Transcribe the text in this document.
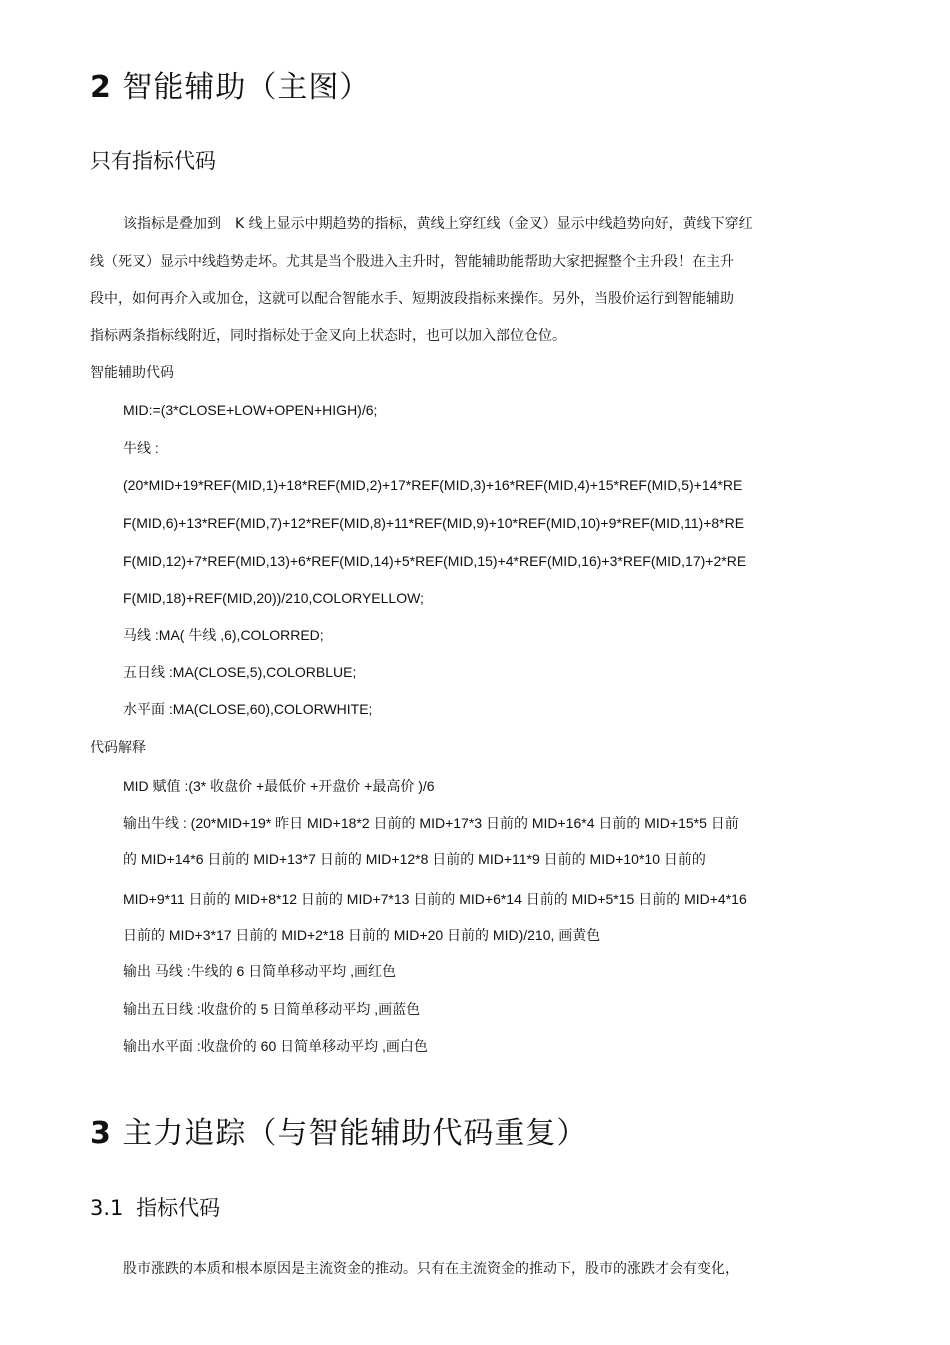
2 智能辅助（主图）
只有指标代码
该指标是叠加到　K 线上显示中期趋势的指标，黄线上穿红线（金叉）显示中线趋势向好，黄线下穿红
线（死叉）显示中线趋势走坏。尤其是当个股进入主升时，智能辅助能帮助大家把握整个主升段！在主升
段中，如何再介入或加仓，这就可以配合智能水手、短期波段指标来操作。另外，当股价运行到智能辅助
指标两条指标线附近，同时指标处于金叉向上状态时，也可以加入部位仓位。
智能辅助代码
MID:=(3*CLOSE+LOW+OPEN+HIGH)/6;
牛线 :
(20*MID+19*REF(MID,1)+18*REF(MID,2)+17*REF(MID,3)+16*REF(MID,4)+15*REF(MID,5)+14*RE
F(MID,6)+13*REF(MID,7)+12*REF(MID,8)+11*REF(MID,9)+10*REF(MID,10)+9*REF(MID,11)+8*RE
F(MID,12)+7*REF(MID,13)+6*REF(MID,14)+5*REF(MID,15)+4*REF(MID,16)+3*REF(MID,17)+2*RE
F(MID,18)+REF(MID,20))/210,COLORYELLOW;
马线 :MA( 牛线 ,6),COLORRED;
五日线 :MA(CLOSE,5),COLORBLUE;
水平面 :MA(CLOSE,60),COLORWHITE;
代码解释
MID 赋值 :(3* 收盘价 +最低价 +开盘价 +最高价 )/6
输出牛线 : (20*MID+19* 昨日 MID+18*2 日前的 MID+17*3 日前的 MID+16*4 日前的 MID+15*5 日前
的 MID+14*6 日前的 MID+13*7 日前的 MID+12*8 日前的 MID+11*9 日前的 MID+10*10 日前的
MID+9*11 日前的 MID+8*12 日前的 MID+7*13 日前的 MID+6*14 日前的 MID+5*15 日前的 MID+4*16
日前的 MID+3*17 日前的 MID+2*18 日前的 MID+20 日前的 MID)/210, 画黄色
输出 马线 :牛线的 6 日简单移动平均 ,画红色
输出五日线 :收盘价的 5 日简单移动平均 ,画蓝色
输出水平面 :收盘价的 60 日简单移动平均 ,画白色
3 主力追踪（与智能辅助代码重复）
3.1 指标代码
股市涨跌的本质和根本原因是主流资金的推动。只有在主流资金的推动下，股市的涨跌才会有变化，
